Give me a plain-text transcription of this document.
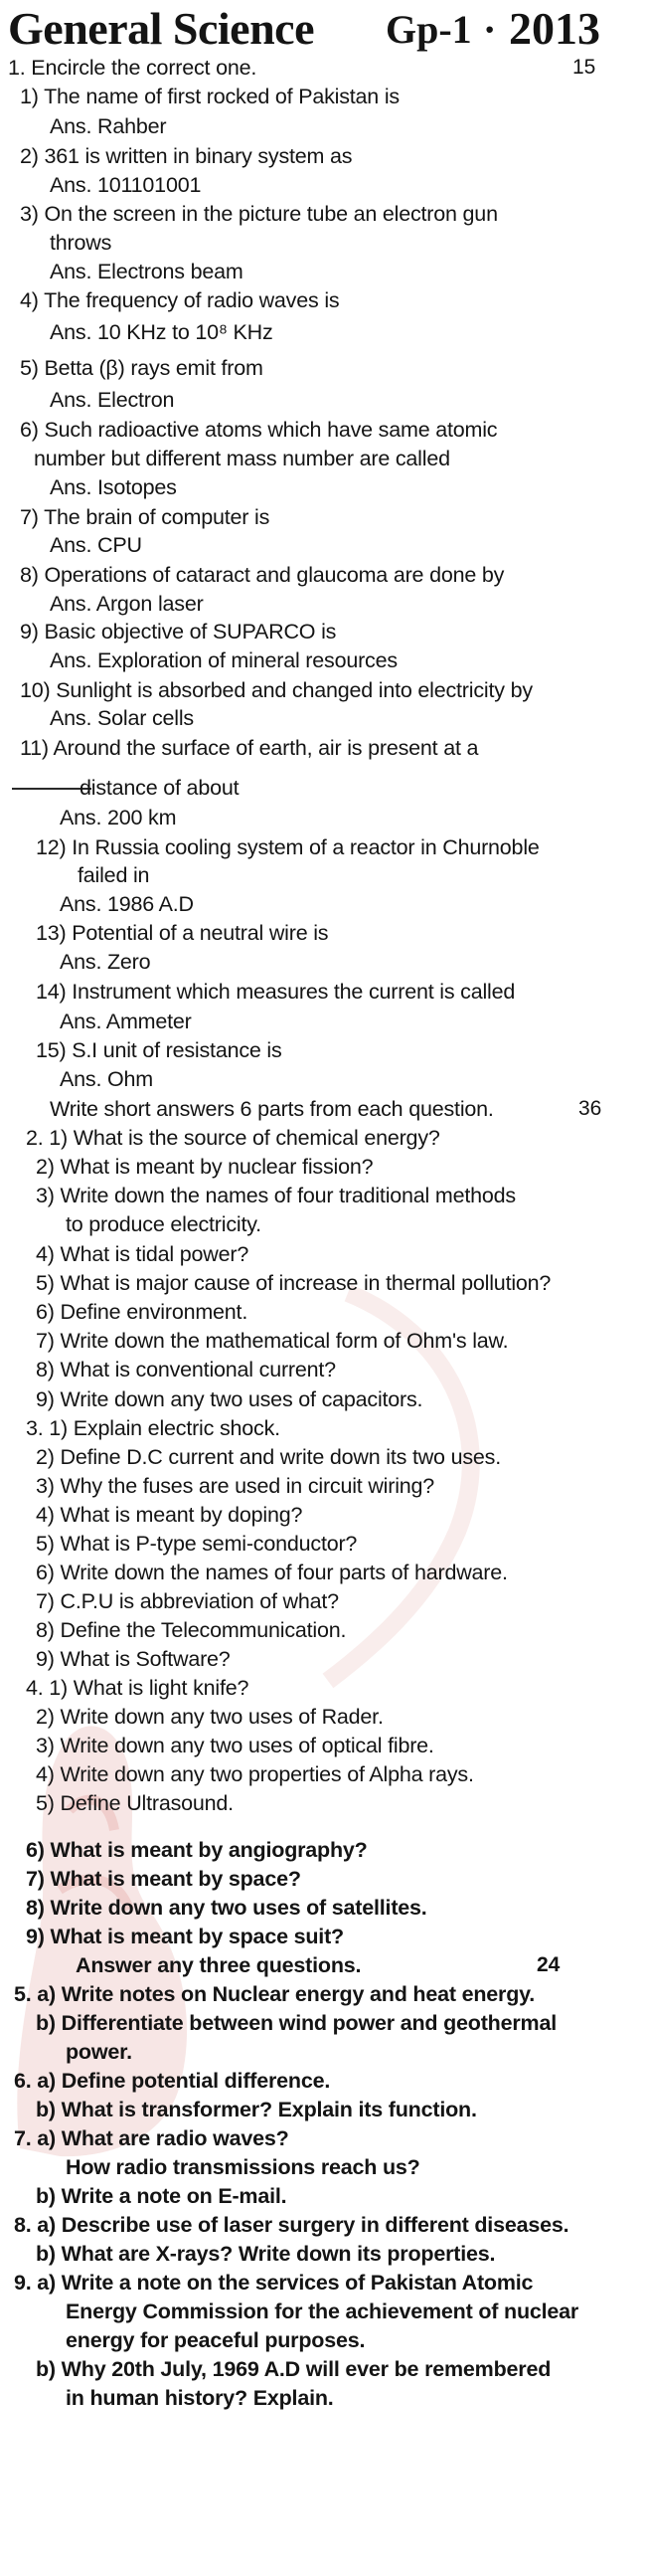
General Science Gp-1 · 2013
1. Encircle the correct one.
1) The name of first rocked of Pakistan is
Ans. Rahber
2) 361 is written in binary system as
Ans. 101101001
3) On the screen in the picture tube an electron gun
throws
Ans. Electrons beam
4) The frequency of radio waves is
Ans. 10 KHz to 10⁸ KHz
5) Betta (β) rays emit from
Ans. Electron
6) Such radioactive atoms which have same atomic
number but different mass number are called
Ans. Isotopes
7) The brain of computer is
Ans. CPU
8) Operations of cataract and glaucoma are done by
Ans. Argon laser
9) Basic objective of SUPARCO is
Ans. Exploration of mineral resources
10) Sunlight is absorbed and changed into electricity by
Ans. Solar cells
11) Around the surface of earth, air is present at a
distance of about
Ans. 200 km
12) In Russia cooling system of a reactor in Churnoble
failed in
Ans. 1986 A.D
13) Potential of a neutral wire is
Ans. Zero
14) Instrument which measures the current is called
Ans. Ammeter
15) S.I unit of resistance is
Ans. Ohm
Write short answers 6 parts from each question.
2. 1) What is the source of chemical energy?
2) What is meant by nuclear fission?
3) Write down the names of four traditional methods
to produce electricity.
4) What is tidal power?
5) What is major cause of increase in thermal pollution?
6) Define environment.
7) Write down the mathematical form of Ohm's law.
8) What is conventional current?
9) Write down any two uses of capacitors.
3. 1) Explain electric shock.
2) Define D.C current and write down its two uses.
3) Why the fuses are used in circuit wiring?
4) What is meant by doping?
5) What is P-type semi-conductor?
6) Write down the names of four parts of hardware.
7) C.P.U is abbreviation of what?
8) Define the Telecommunication.
9) What is Software?
4. 1) What is light knife?
2) Write down any two uses of Rader.
3) Write down any two uses of optical fibre.
4) Write down any two properties of Alpha rays.
5) Define Ultrasound.
6) What is meant by angiography?
7) What is meant by space?
8) Write down any two uses of satellites.
9) What is meant by space suit?
Answer any three questions.
5. a) Write notes on Nuclear energy and heat energy.
b) Differentiate between wind power and geothermal
power.
6. a) Define potential difference.
b) What is transformer? Explain its function.
7. a) What are radio waves?
How radio transmissions reach us?
b) Write a note on E-mail.
8. a) Describe use of laser surgery in different diseases.
b) What are X-rays? Write down its properties.
9. a) Write a note on the services of Pakistan Atomic
Energy Commission for the achievement of nuclear
energy for peaceful purposes.
b) Why 20th July, 1969 A.D will ever be remembered
in human history? Explain.
15
36
24
